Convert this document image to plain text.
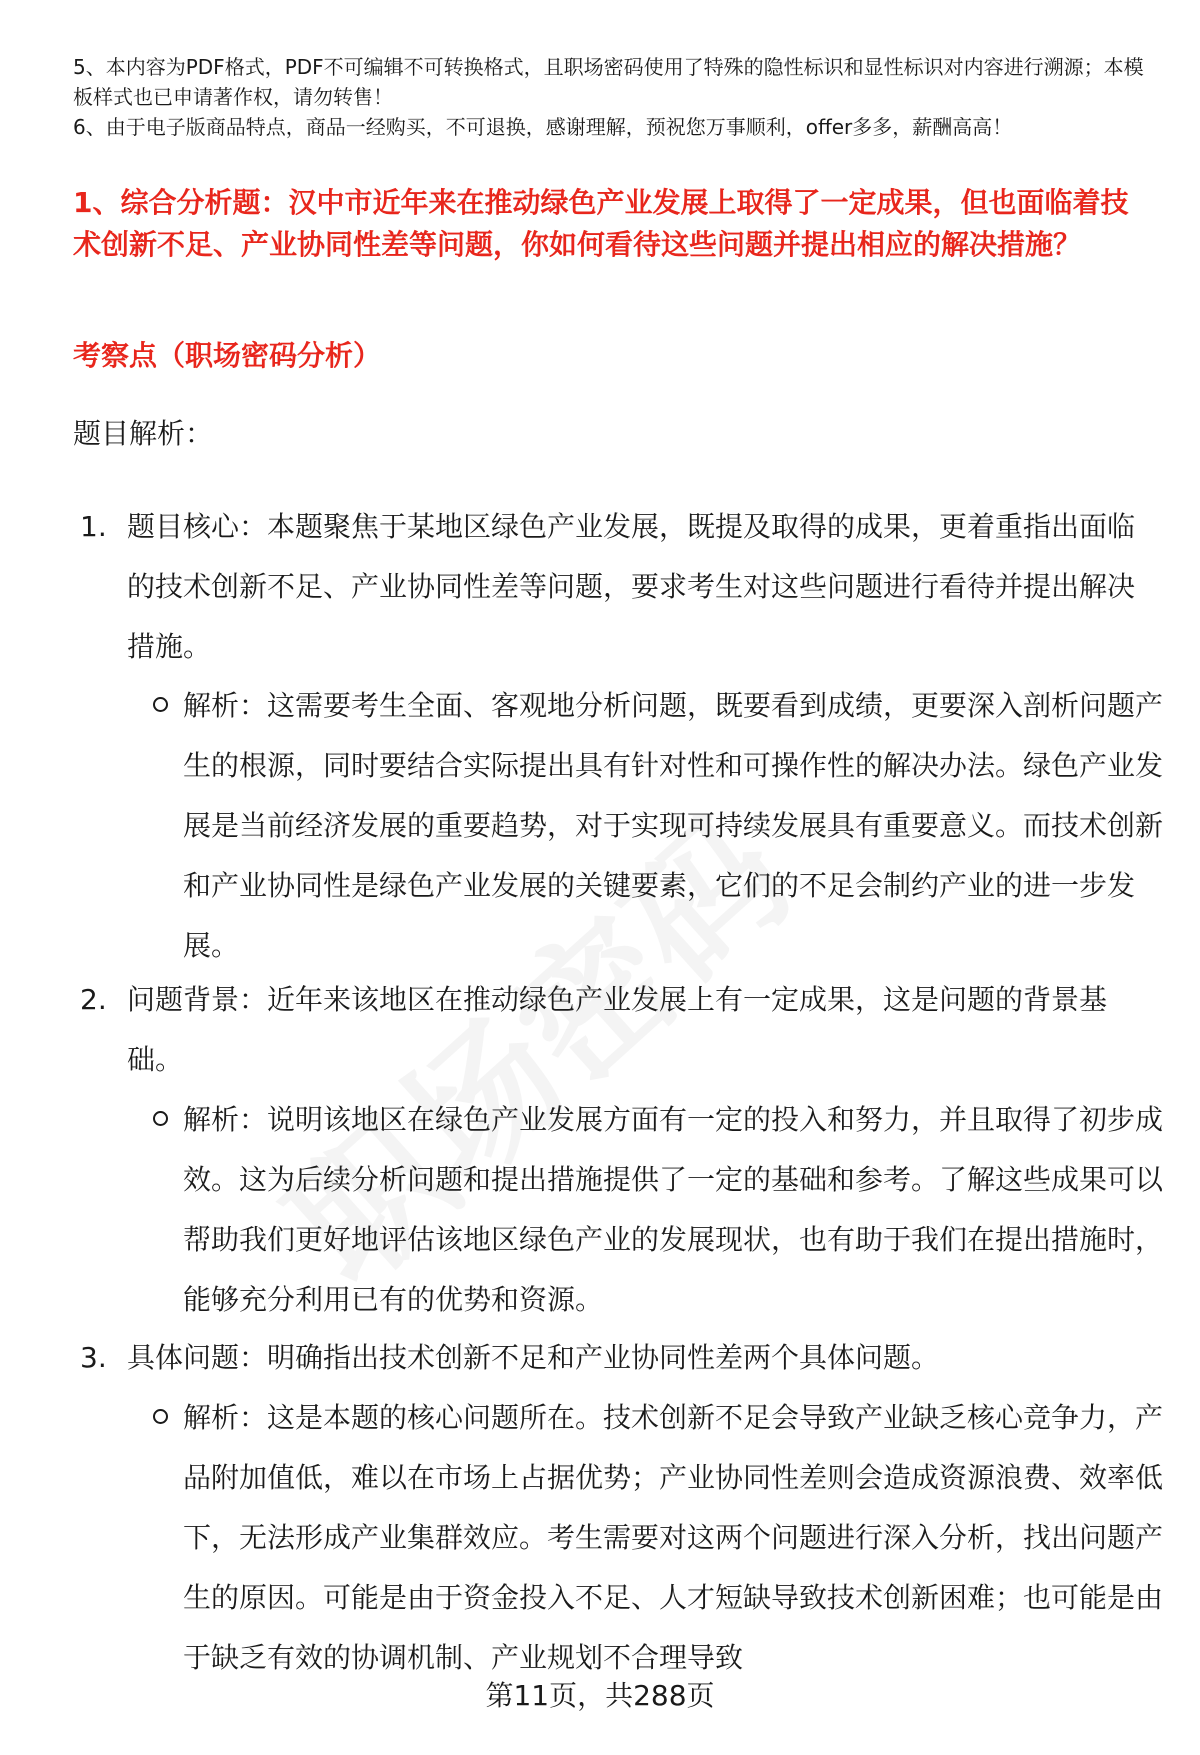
5、本内容为PDF格式，PDF不可编辑不可转换格式，且职场密码使用了特殊的隐性标识和显性标识对内容进行溯源；本模板样式也已申请著作权，请勿转售！
6、由于电子版商品特点，商品一经购买，不可退换，感谢理解，预祝您万事顺利，offer多多，薪酬高高！
1、综合分析题：汉中市近年来在推动绿色产业发展上取得了一定成果，但也面临着技术创新不足、产业协同性差等问题，你如何看待这些问题并提出相应的解决措施？
考察点（职场密码分析）
题目解析：
1. 题目核心：本题聚焦于某地区绿色产业发展，既提及取得的成果，更着重指出面临的技术创新不足、产业协同性差等问题，要求考生对这些问题进行看待并提出解决措施。
解析：这需要考生全面、客观地分析问题，既要看到成绩，更要深入剖析问题产生的根源，同时要结合实际提出具有针对性和可操作性的解决办法。绿色产业发展是当前经济发展的重要趋势，对于实现可持续发展具有重要意义。而技术创新和产业协同性是绿色产业发展的关键要素，它们的不足会制约产业的进一步发展。
2. 问题背景：近年来该地区在推动绿色产业发展上有一定成果，这是问题的背景基础。
解析：说明该地区在绿色产业发展方面有一定的投入和努力，并且取得了初步成效。这为后续分析问题和提出措施提供了一定的基础和参考。了解这些成果可以帮助我们更好地评估该地区绿色产业的发展现状，也有助于我们在提出措施时，能够充分利用已有的优势和资源。
3. 具体问题：明确指出技术创新不足和产业协同性差两个具体问题。
解析：这是本题的核心问题所在。技术创新不足会导致产业缺乏核心竞争力，产品附加值低，难以在市场上占据优势；产业协同性差则会造成资源浪费、效率低下，无法形成产业集群效应。考生需要对这两个问题进行深入分析，找出问题产生的原因。可能是由于资金投入不足、人才短缺导致技术创新困难；也可能是由于缺乏有效的协调机制、产业规划不合理导致
第11页，共288页
